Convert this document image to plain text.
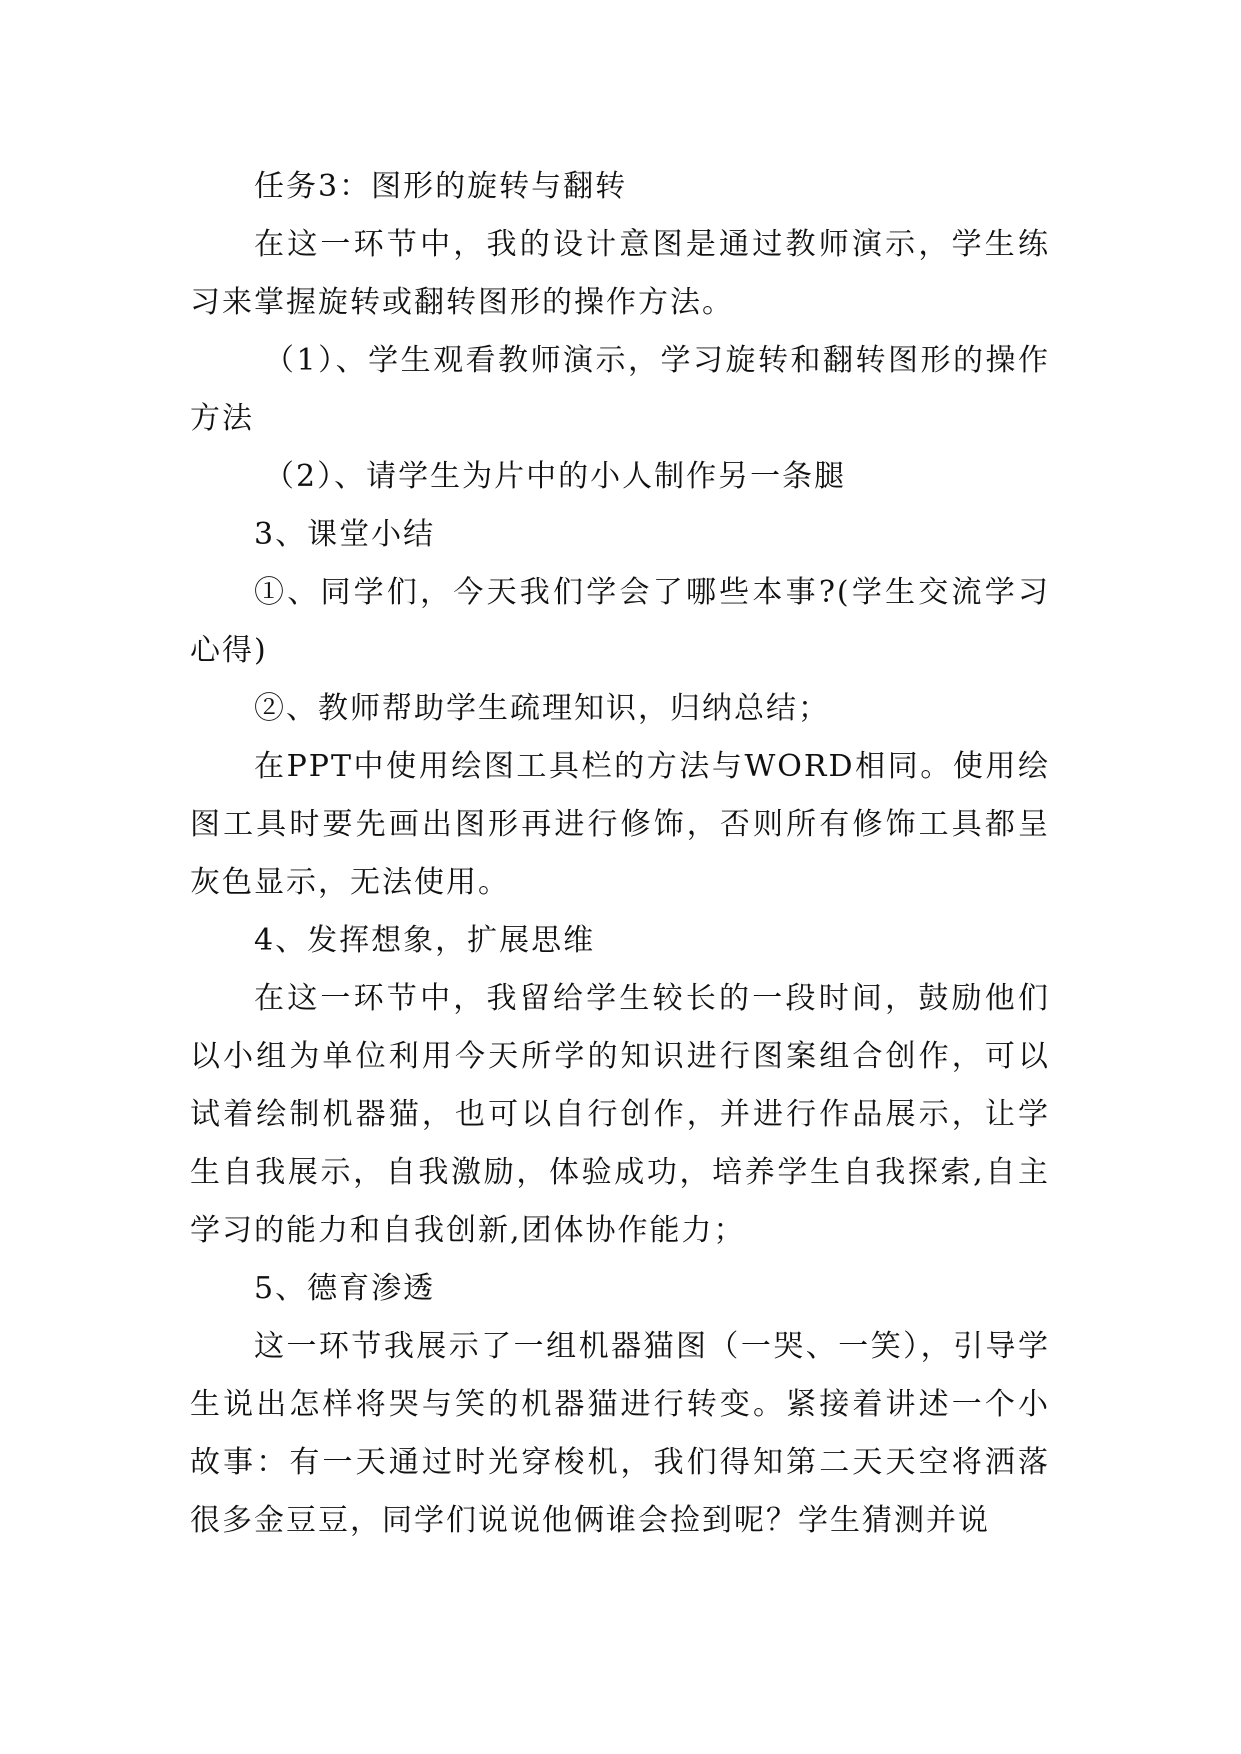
任务3：图形的旋转与翻转

在这一环节中，我的设计意图是通过教师演示，学生练习来掌握旋转或翻转图形的操作方法。

（1）、学生观看教师演示，学习旋转和翻转图形的操作方法

（2）、请学生为片中的小人制作另一条腿

3、课堂小结

①、同学们，今天我们学会了哪些本事?(学生交流学习心得)

②、教师帮助学生疏理知识，归纳总结；

在PPT中使用绘图工具栏的方法与WORD相同。使用绘图工具时要先画出图形再进行修饰，否则所有修饰工具都呈灰色显示，无法使用。

4、发挥想象，扩展思维

在这一环节中，我留给学生较长的一段时间，鼓励他们以小组为单位利用今天所学的知识进行图案组合创作，可以试着绘制机器猫，也可以自行创作，并进行作品展示，让学生自我展示，自我激励，体验成功，培养学生自我探索,自主学习的能力和自我创新,团体协作能力；

5、德育渗透

这一环节我展示了一组机器猫图（一哭、一笑），引导学生说出怎样将哭与笑的机器猫进行转变。紧接着讲述一个小故事：有一天通过时光穿梭机，我们得知第二天天空将洒落很多金豆豆，同学们说说他俩谁会捡到呢？学生猜测并说
